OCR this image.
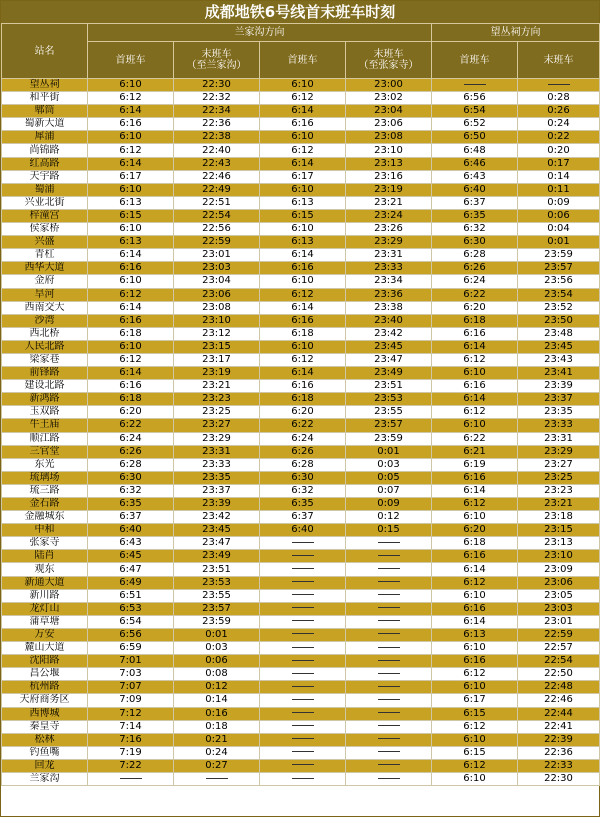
成都地铁6号线首末班车时刻
站名	兰家沟方向				望丛祠方向	
	首班车	末班车
（至兰家沟）	首班车	末班车
（至张家寺）	首班车	末班车
望丛祠	6:10	22:30	6:10	23:00		
和平街	6:12	22:32	6:12	23:02	6:56	0:28
郫筒	6:14	22:34	6:14	23:04	6:54	0:26
蜀新大道	6:16	22:36	6:16	23:06	6:52	0:24
犀浦	6:10	22:38	6:10	23:08	6:50	0:22
尚锦路	6:12	22:40	6:12	23:10	6:48	0:20
红高路	6:14	22:43	6:14	23:13	6:46	0:17
天宇路	6:17	22:46	6:17	23:16	6:43	0:14
蜀浦	6:10	22:49	6:10	23:19	6:40	0:11
兴业北街	6:13	22:51	6:13	23:21	6:37	0:09
梓潼宫	6:15	22:54	6:15	23:24	6:35	0:06
侯家桥	6:10	22:56	6:10	23:26	6:32	0:04
兴盛	6:13	22:59	6:13	23:29	6:30	0:01
青杠	6:14	23:01	6:14	23:31	6:28	23:59
西华大道	6:16	23:03	6:16	23:33	6:26	23:57
金府	6:10	23:04	6:10	23:34	6:24	23:56
旱河	6:12	23:06	6:12	23:36	6:22	23:54
西南交大	6:14	23:08	6:14	23:38	6:20	23:52
沙湾	6:16	23:10	6:16	23:40	6:18	23:50
西北桥	6:18	23:12	6:18	23:42	6:16	23:48
人民北路	6:10	23:15	6:10	23:45	6:14	23:45
梁家巷	6:12	23:17	6:12	23:47	6:12	23:43
前锋路	6:14	23:19	6:14	23:49	6:10	23:41
建设北路	6:16	23:21	6:16	23:51	6:16	23:39
新鸿路	6:18	23:23	6:18	23:53	6:14	23:37
玉双路	6:20	23:25	6:20	23:55	6:12	23:35
牛王庙	6:22	23:27	6:22	23:57	6:10	23:33
顺江路	6:24	23:29	6:24	23:59	6:22	23:31
三官堂	6:26	23:31	6:26	0:01	6:21	23:29
东光	6:28	23:33	6:28	0:03	6:19	23:27
琉璃场	6:30	23:35	6:30	0:05	6:16	23:25
琉三路	6:32	23:37	6:32	0:07	6:14	23:23
金石路	6:35	23:39	6:35	0:09	6:12	23:21
金融城东	6:37	23:42	6:37	0:12	6:10	23:18
中和	6:40	23:45	6:40	0:15	6:20	23:15
张家寺	6:43	23:47			6:18	23:13
陆肖	6:45	23:49			6:16	23:10
观东	6:47	23:51			6:14	23:09
新通大道	6:49	23:53			6:12	23:06
新川路	6:51	23:55			6:10	23:05
龙灯山	6:53	23:57			6:16	23:03
蒲草塘	6:54	23:59			6:14	23:01
万安	6:56	0:01			6:13	22:59
麓山大道	6:59	0:03			6:10	22:57
沈阳路	7:01	0:06			6:16	22:54
昌公堰	7:03	0:08			6:12	22:50
杭州路	7:07	0:12			6:10	22:48
天府商务区	7:09	0:14			6:17	22:46
西博城	7:12	0:16			6:15	22:44
秦皇寺	7:14	0:18			6:12	22:41
松林	7:16	0:21			6:10	22:39
钓鱼嘴	7:19	0:24			6:15	22:36
回龙	7:22	0:27			6:12	22:33
兰家沟					6:10	22:30
